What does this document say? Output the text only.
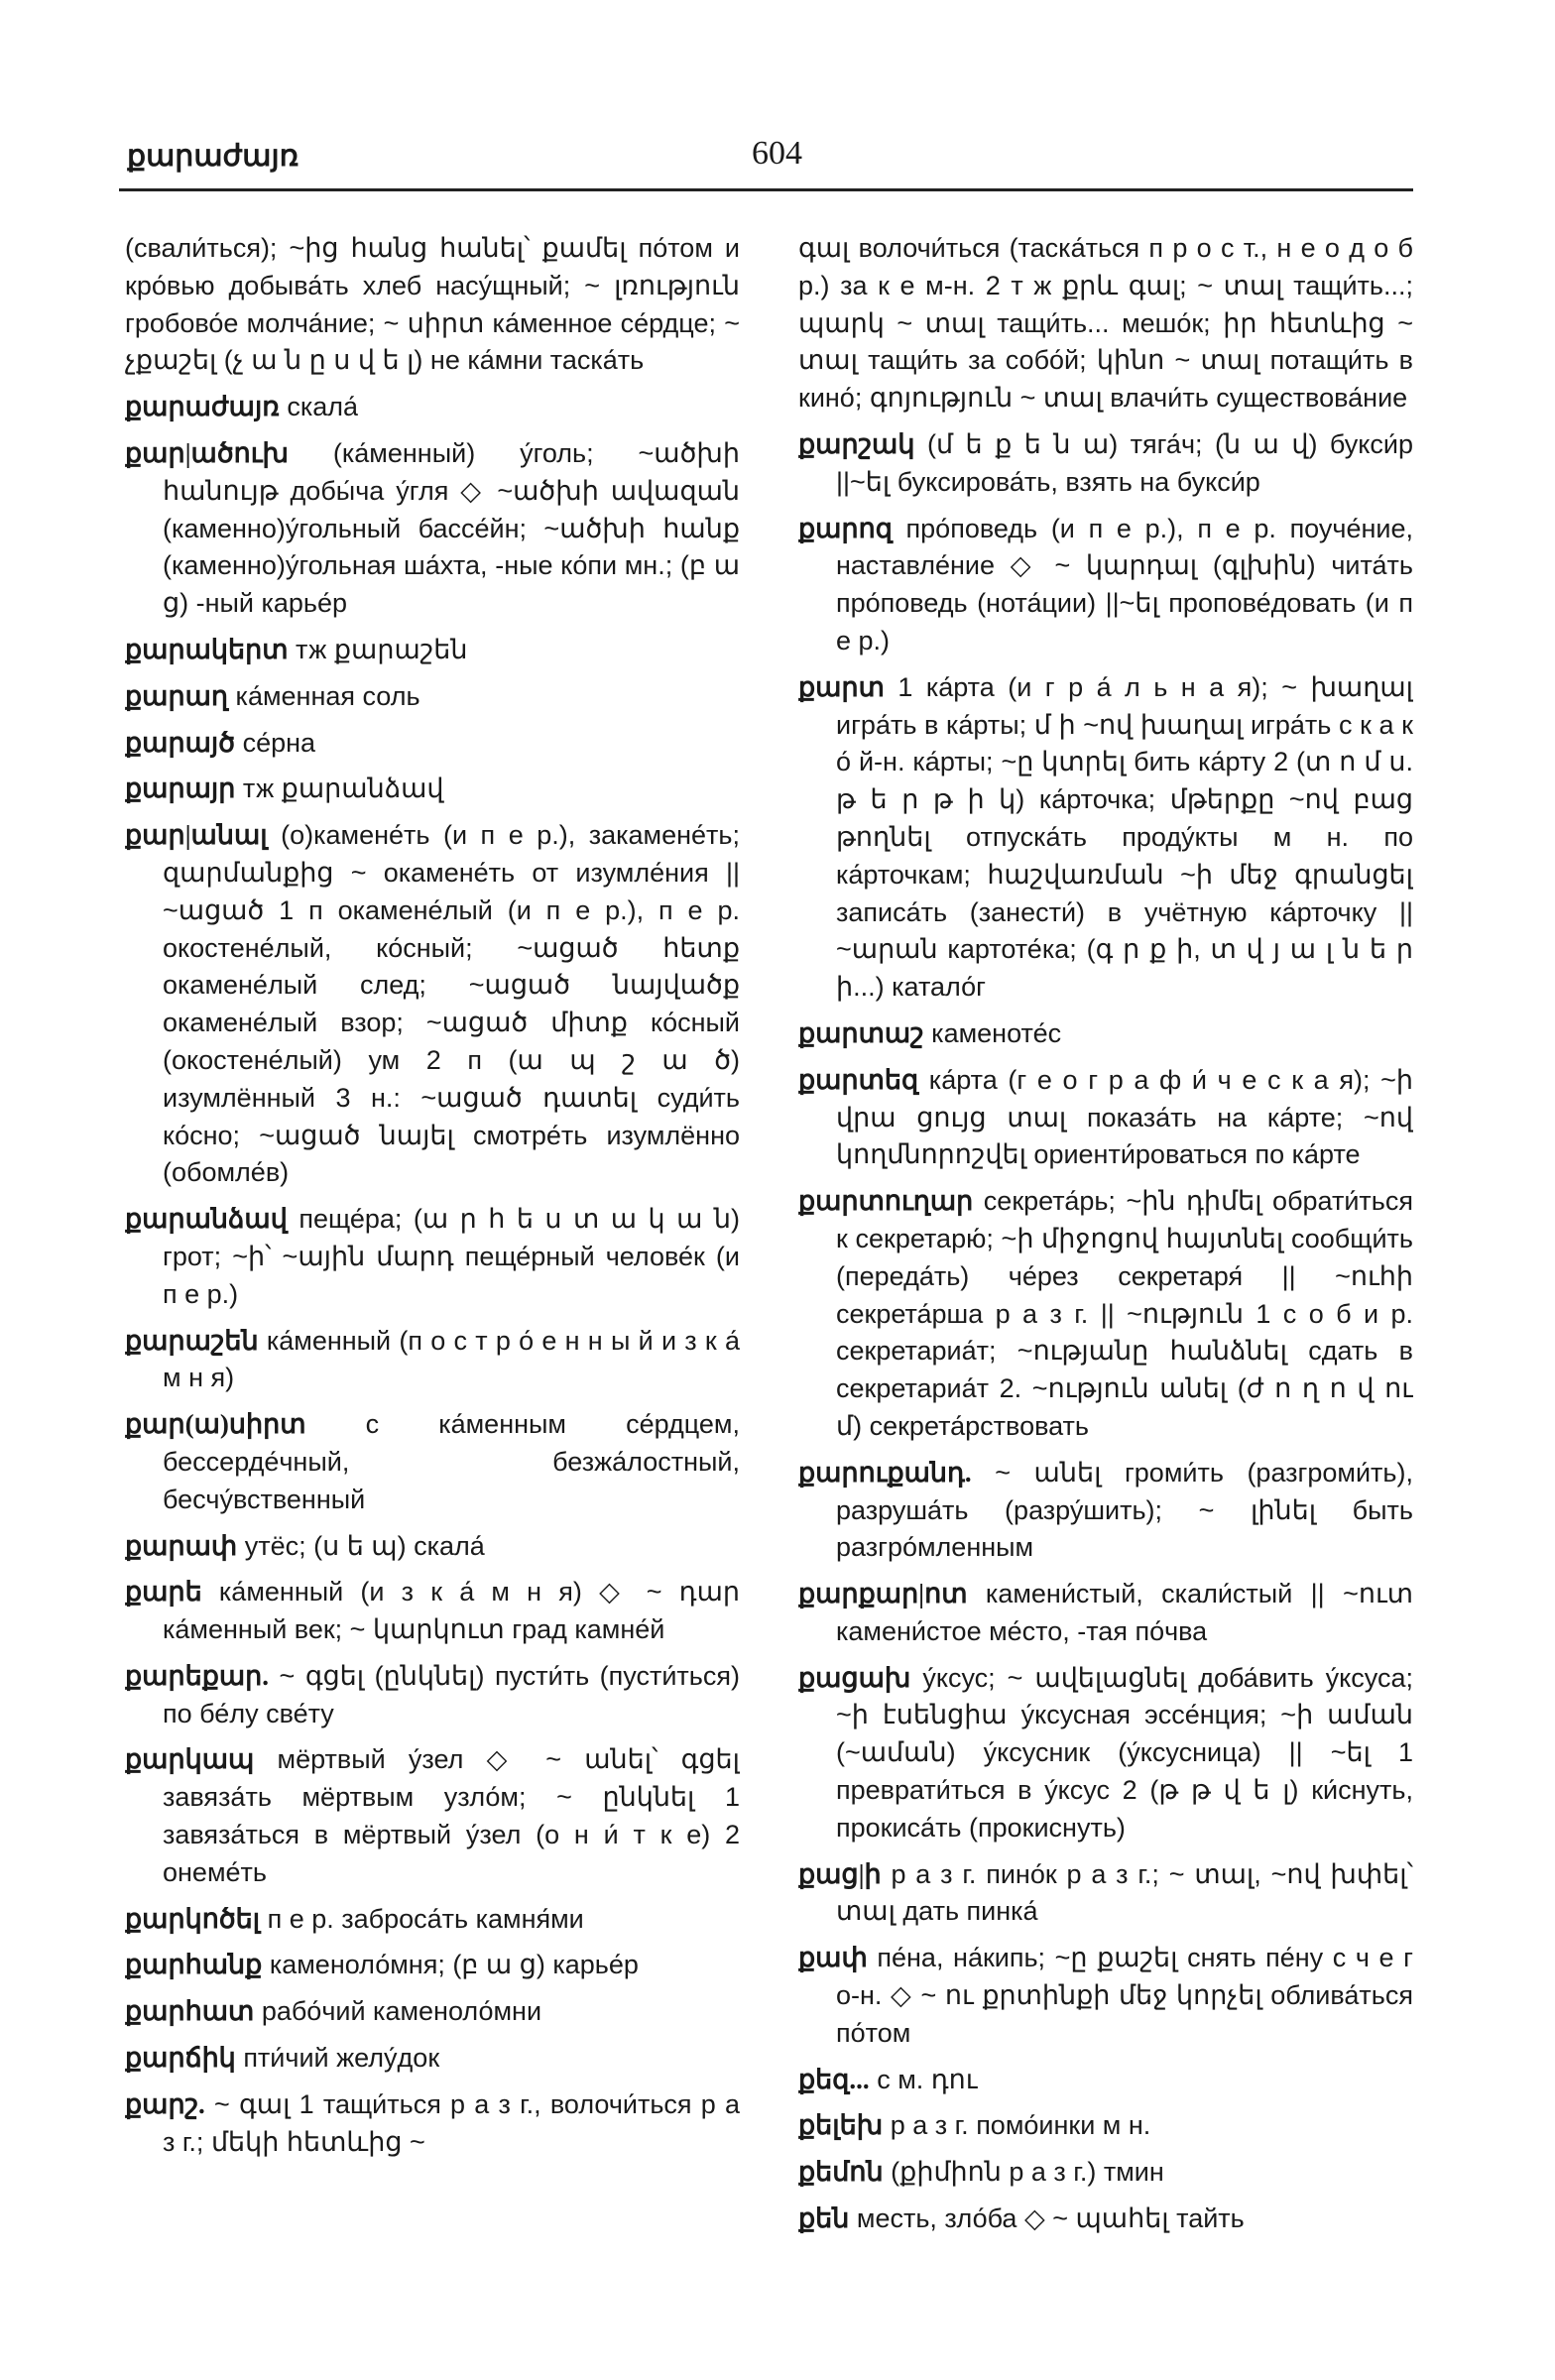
քարաժայռ	604

(свали́ться); ~ից հանց հանել՝ քամել по́том и кро́вью добыва́ть хлеб насу́щный; ~ լռություն гробово́е молча́ние; ~ սիրտ ка́менное се́рдце; ~ չքաշել (չ ա ն ը ս վ ե լ) не ка́мни таска́ть

քարաժայռ скала́

քար|ածուխ (ка́менный) у́голь; ~ածխի հանույթ добы́ча у́гля ◇ ~ածխի ավազան (каменно)у́гольный бассе́йн; ~ածխի հանք (каменно)у́гольная ша́хта, -ные ко́пи мн.; (բ ա ց) -ный карье́р

քարակերտ тж քարաշեն

քարաղ ка́менная соль

քարայծ се́рна

քարայր тж քարանձավ

քար|անալ (о)камене́ть (и п е р.), закамене́ть; զարմանքից ~ окамене́ть от изумле́ния || ~ացած 1 п окамене́лый (и п е р.), п е р. окостене́лый, ко́сный; ~ացած հետք окамене́лый след; ~ացած նայվածք окамене́лый взор; ~ացած միտք ко́сный (окостене́лый) ум 2 п (ա պ շ ա ծ) изумлённый 3 н.: ~ացած դատել суди́ть ко́сно; ~ացած նայել смотре́ть изумлённо (обомле́в)

քարանձավ пеще́ра; (ա ր հ ե ս տ ա կ ա ն) грот; ~ի՝ ~ային մարդ пеще́рный челове́к (и п е р.)

քարաշեն ка́менный (п о с т р о́ е н н ы й и з к а́ м н я)

քար(ա)սիրտ с ка́менным се́рдцем, бессерде́чный, безжа́лостный, бесчу́вственный

քարափ утёс; (ս ե պ) скала́

քարե ка́менный (и з к а́ м н я) ◇ ~ դար ка́менный век; ~ կարկուտ град камне́й

քարեքար. ~ գցել (ընկնել) пусти́ть (пусти́ться) по бе́лу све́ту

քարկապ мёртвый у́зел ◇ ~ անել՝ գցել завяза́ть мёртвым узло́м; ~ ընկնել 1 завяза́ться в мёртвый у́зел (о н и́ т к е) 2 онеме́ть

քարկոծել п е р. заброса́ть камня́ми

քարհանք каменоло́мня; (բ ա ց) карье́р

քարհատ рабо́чий каменоло́мни

քարճիկ пти́чий желу́док

քարշ. ~ գալ 1 тащи́ться р а з г., волочи́ться р а з г.; մեկի հետևից ~

գալ волочи́ться (таска́ться п р о с т., н е о д о б р.) за к е м-н. 2 т ж քրև գալ; ~ տալ тащи́ть...; պարկ ~ տալ тащи́ть... мешо́к; իր հետևից ~ տալ тащи́ть за собо́й; կինո ~ տալ потащи́ть в кино́; գոյություն ~ տալ влачи́ть существова́ние

քարշակ (մ ե ք ե ն ա) тяга́ч; (ն ա վ) букси́р ||~ել буксирова́ть, взять на букси́р

քարոզ про́поведь (и п е р.), п е р. поуче́ние, наставле́ние ◇ ~ կարդալ (գլխին) чита́ть про́поведь (нота́ции) ||~ել пропове́довать (и п е р.)

քարտ 1 ка́рта (и г р а́ л ь н а я); ~ խաղալ игра́ть в ка́рты; մ ի ~ով խաղալ игра́ть с к а к о́ й-н. ка́рты; ~ը կտրել бить ка́рту 2 (տ ո մ ս. թ ե ր թ ի կ) ка́рточка; մթերքը ~ով բաց թողնել отпуска́ть проду́кты м н. по ка́рточкам; հաշվառման ~ի մեջ գրանցել записа́ть (занести́) в учётную ка́рточку || ~արան картоте́ка; (գ ր ք ի, տ վ յ ա լ ն ե ր ի...) катало́г

քարտաշ каменоте́с

քարտեզ ка́рта (г е о г р а ф и́ ч е с к а я); ~ի վրա ցույց տալ показа́ть на ка́рте; ~ով կողմնորոշվել ориенти́роваться по ка́рте

քարտուղար секрета́рь; ~ին դիմել обрати́ться к секретарю́; ~ի միջոցով հայտնել сообщи́ть (переда́ть) че́рез секретаря́ || ~ուհի секрета́рша р а з г. || ~ություն 1 с о б и р. секретариа́т; ~ությանը հանձնել сдать в секретариа́т 2. ~ություն անել (ժ ո ղ ո վ ու մ) секрета́рствовать

քարուքանդ. ~ անել громи́ть (разгроми́ть), разруша́ть (разру́шить); ~ լինել быть разгро́мленным

քարքար|ոտ камени́стый, скали́стый || ~ուտ камени́стое ме́сто, -тая по́чва

քացախ у́ксус; ~ ավելացնել доба́вить у́ксуса; ~ի էսենցիա у́ксусная эссе́нция; ~ի աման (~աման) у́ксусник (у́ксусница) || ~ել 1 преврати́ться в у́ксус 2 (թ թ վ ե լ) ки́снуть, прокиса́ть (прокиснуть)

քաց|ի р а з г. пино́к р а з г.; ~ տալ, ~ով խփել՝ տալ дать пинка́

քափ пе́на, на́кипь; ~ը քաշել снять пе́ну с ч е г о-н. ◇ ~ ու քրտինքի մեջ կորչել облива́ться по́том

քեզ... с м. դու

քելեխ р а з г. помо́инки м н.

քեմոն (քիմիոն р а з г.) тмин

քեն месть, зло́ба ◇ ~ պահել тайть
